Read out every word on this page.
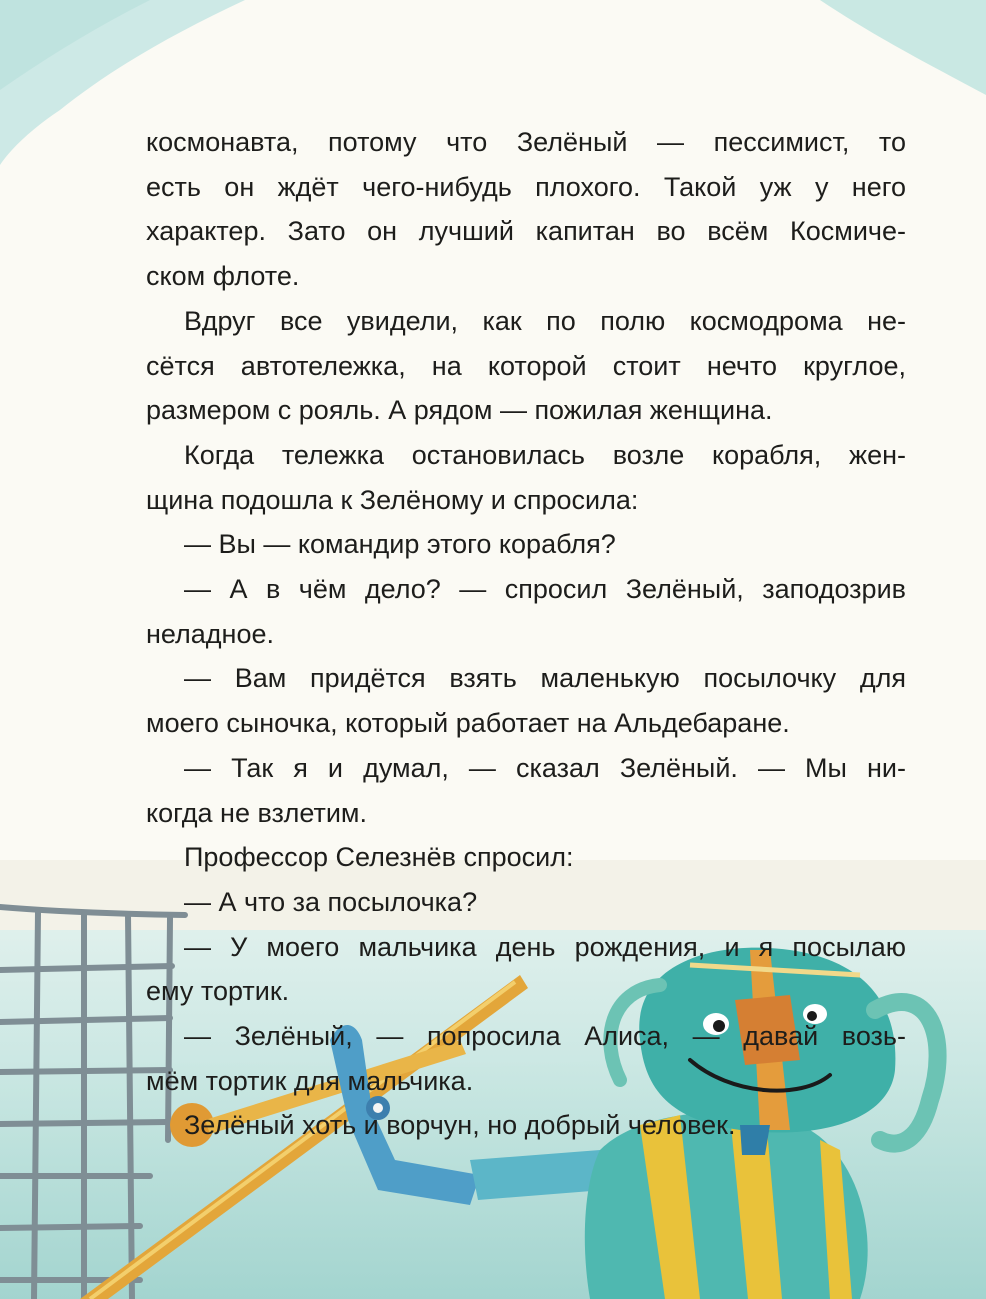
космонавта, потому что Зелёный — пессимист, то
есть он ждёт чего-нибудь плохого. Такой уж у него
характер. Зато он лучший капитан во всём Космиче-
ском флоте.

Вдруг все увидели, как по полю космодрома не-
сётся автотележка, на которой стоит нечто круглое,
размером с рояль. А рядом — пожилая женщина.

Когда тележка остановилась возле корабля, жен-
щина подошла к Зелёному и спросила:

— Вы — командир этого корабля?

— А в чём дело? — спросил Зелёный, заподозрив
неладное.

— Вам придётся взять маленькую посылочку для
моего сыночка, который работает на Альдебаране.

— Так я и думал, — сказал Зелёный. — Мы ни-
когда не взлетим.

Профессор Селезнёв спросил:

— А что за посылочка?

— У моего мальчика день рождения, и я посылаю
ему тортик.

— Зелёный, — попросила Алиса, — давай возь-
мём тортик для мальчика.

Зелёный хоть и ворчун, но добрый человек.
